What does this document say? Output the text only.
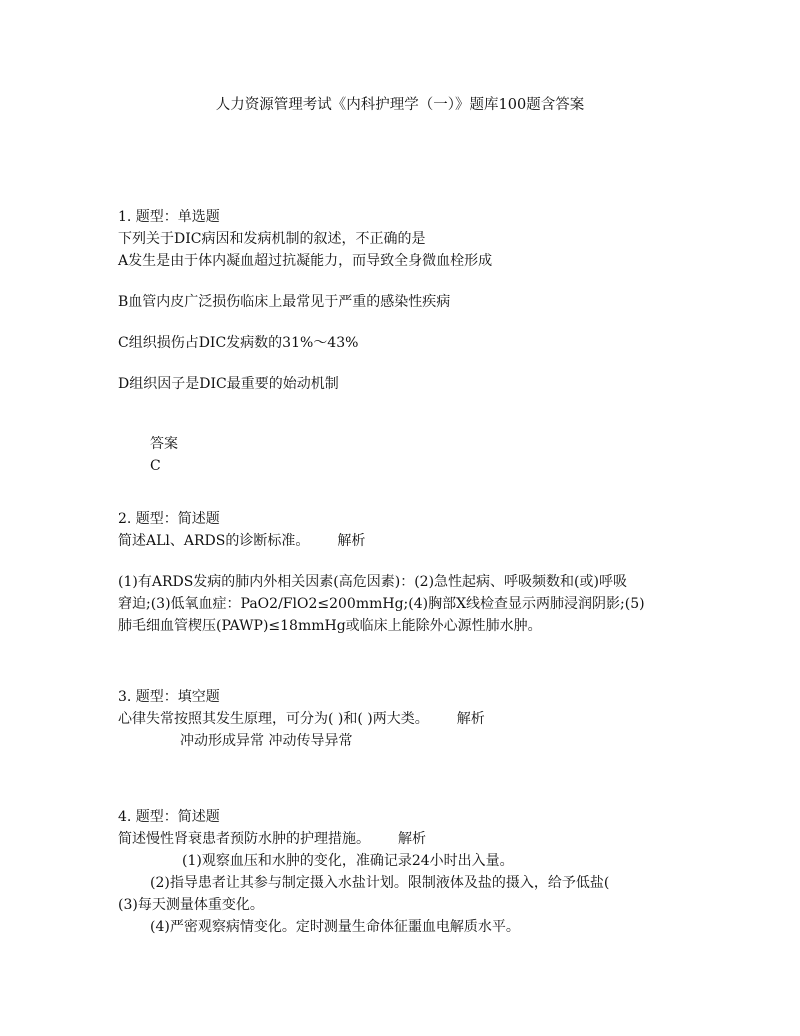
人力资源管理考试《内科护理学（一）》题库100题含答案
1. 题型：单选题
下列关于DIC病因和发病机制的叙述，不正确的是
A发生是由于体内凝血超过抗凝能力，而导致全身微血栓形成
B血管内皮广泛损伤临床上最常见于严重的感染性疾病
C组织损伤占DIC发病数的31%～43%
D组织因子是DIC最重要的始动机制
答案
C
2. 题型：简述题
简述ALl、ARDS的诊断标准。 解析
(1)有ARDS发病的肺内外相关因素(高危因素)：(2)急性起病、呼吸频数和(或)呼吸
窘迫;(3)低氧血症：PaO2/FlO2≤200mmHg;(4)胸部X线检查显示两肺浸润阴影;(5)
肺毛细血管楔压(PAWP)≤18mmHg或临床上能除外心源性肺水肿。
3. 题型：填空题
心律失常按照其发生原理，可分为( )和( )两大类。 解析
冲动形成异常 冲动传导异常
4. 题型：简述题
简述慢性肾衰患者预防水肿的护理措施。 解析
(1)观察血压和水肿的变化，准确记录24小时出入量。
(2)指导患者让其参与制定摄入水盐计划。限制液体及盐的摄入，给予低盐(
(3)每天测量体重变化。
(4)严密观察病情变化。定时测量生命体征噩血电解质水平。
